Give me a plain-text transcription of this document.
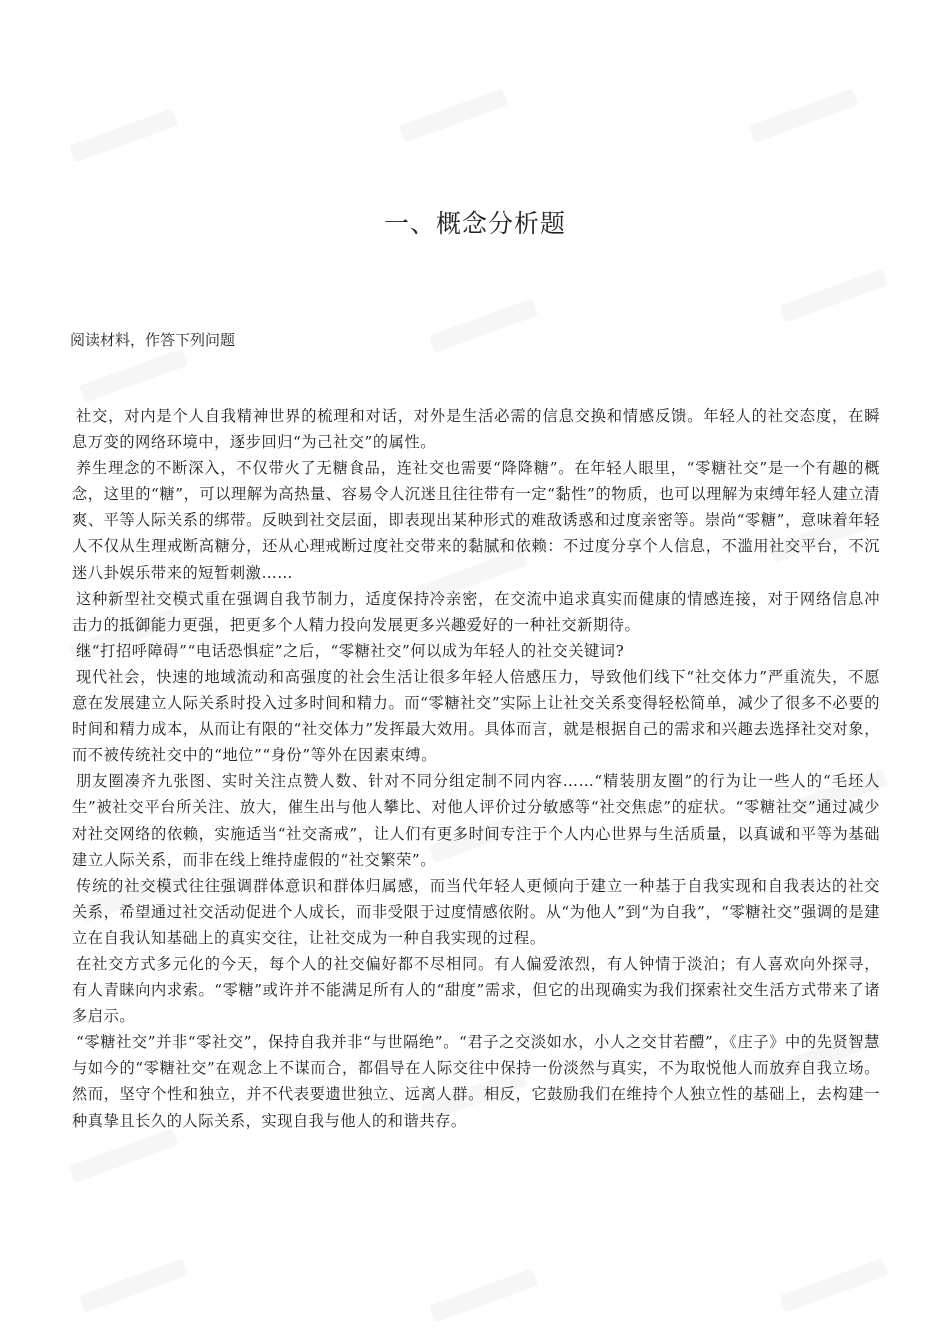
一、概念分析题
阅读材料，作答下列问题

社交，对内是个人自我精神世界的梳理和对话，对外是生活必需的信息交换和情感反馈。年轻人的社交态度，在瞬息万变的网络环境中，逐步回归“为己社交”的属性。

养生理念的不断深入，不仅带火了无糖食品，连社交也需要“降降糖”。在年轻人眼里，“零糖社交”是一个有趣的概念，这里的“糖”，可以理解为高热量、容易令人沉迷且往往带有一定“黏性”的物质，也可以理解为束缚年轻人建立清爽、平等人际关系的绑带。反映到社交层面，即表现出某种形式的难敌诱惑和过度亲密等。崇尚“零糖”，意味着年轻人不仅从生理戒断高糖分，还从心理戒断过度社交带来的黏腻和依赖：不过度分享个人信息，不滥用社交平台，不沉迷八卦娱乐带来的短暂刺激……

这种新型社交模式重在强调自我节制力，适度保持冷亲密，在交流中追求真实而健康的情感连接，对于网络信息冲击力的抵御能力更强，把更多个人精力投向发展更多兴趣爱好的一种社交新期待。

继“打招呼障碍”“电话恐惧症”之后，“零糖社交”何以成为年轻人的社交关键词?

现代社会，快速的地域流动和高强度的社会生活让很多年轻人倍感压力，导致他们线下“社交体力”严重流失，不愿意在发展建立人际关系时投入过多时间和精力。而“零糖社交”实际上让社交关系变得轻松简单，减少了很多不必要的时间和精力成本，从而让有限的“社交体力”发挥最大效用。具体而言，就是根据自己的需求和兴趣去选择社交对象，而不被传统社交中的“地位”“身份”等外在因素束缚。

朋友圈凑齐九张图、实时关注点赞人数、针对不同分组定制不同内容……“精装朋友圈”的行为让一些人的“毛坯人生”被社交平台所关注、放大，催生出与他人攀比、对他人评价过分敏感等“社交焦虑”的症状。“零糖社交”通过减少对社交网络的依赖，实施适当“社交斋戒”，让人们有更多时间专注于个人内心世界与生活质量，以真诚和平等为基础建立人际关系，而非在线上维持虚假的“社交繁荣”。

传统的社交模式往往强调群体意识和群体归属感，而当代年轻人更倾向于建立一种基于自我实现和自我表达的社交关系，希望通过社交活动促进个人成长，而非受限于过度情感依附。从“为他人”到“为自我”，“零糖社交”强调的是建立在自我认知基础上的真实交往，让社交成为一种自我实现的过程。

在社交方式多元化的今天，每个人的社交偏好都不尽相同。有人偏爱浓烈，有人钟情于淡泊；有人喜欢向外探寻，有人青睐向内求索。“零糖”或许并不能满足所有人的“甜度”需求，但它的出现确实为我们探索社交生活方式带来了诸多启示。

“零糖社交”并非“零社交”，保持自我并非“与世隔绝”。“君子之交淡如水，小人之交甘若醴”，《庄子》中的先贤智慧与如今的“零糖社交”在观念上不谋而合，都倡导在人际交往中保持一份淡然与真实，不为取悦他人而放弃自我立场。然而，坚守个性和独立，并不代表要遗世独立、远离人群。相反，它鼓励我们在维持个人独立性的基础上，去构建一种真挚且长久的人际关系，实现自我与他人的和谐共存。
